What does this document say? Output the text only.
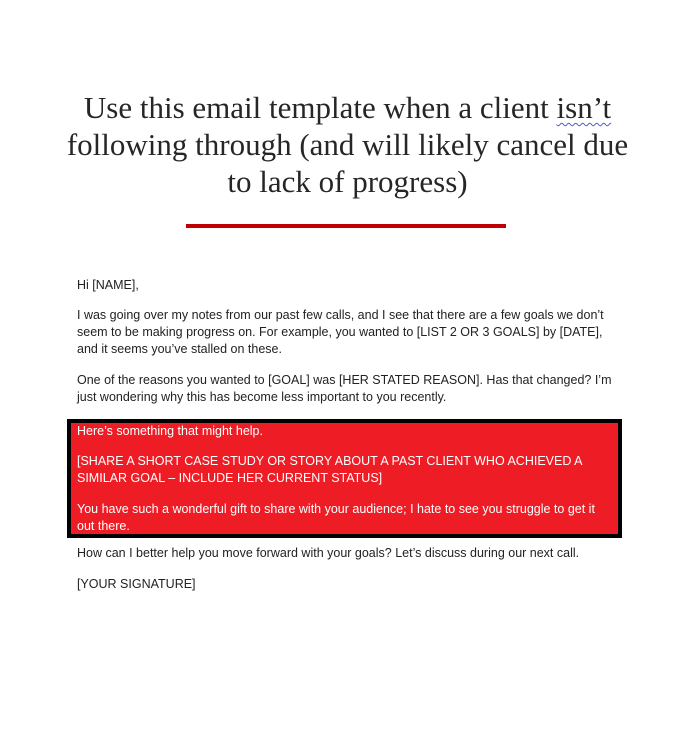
Use this email template when a client isn’t following through (and will likely cancel due to lack of progress)

Hi [NAME],

I was going over my notes from our past few calls, and I see that there are a few goals we don’t seem to be making progress on. For example, you wanted to [LIST 2 OR 3 GOALS] by [DATE], and it seems you’ve stalled on these.

One of the reasons you wanted to [GOAL] was [HER STATED REASON]. Has that changed? I’m just wondering why this has become less important to you recently.

Here’s something that might help.

[SHARE A SHORT CASE STUDY OR STORY ABOUT A PAST CLIENT WHO ACHIEVED A SIMILAR GOAL – INCLUDE HER CURRENT STATUS]

You have such a wonderful gift to share with your audience; I hate to see you struggle to get it out there.

How can I better help you move forward with your goals? Let’s discuss during our next call.

[YOUR SIGNATURE]
